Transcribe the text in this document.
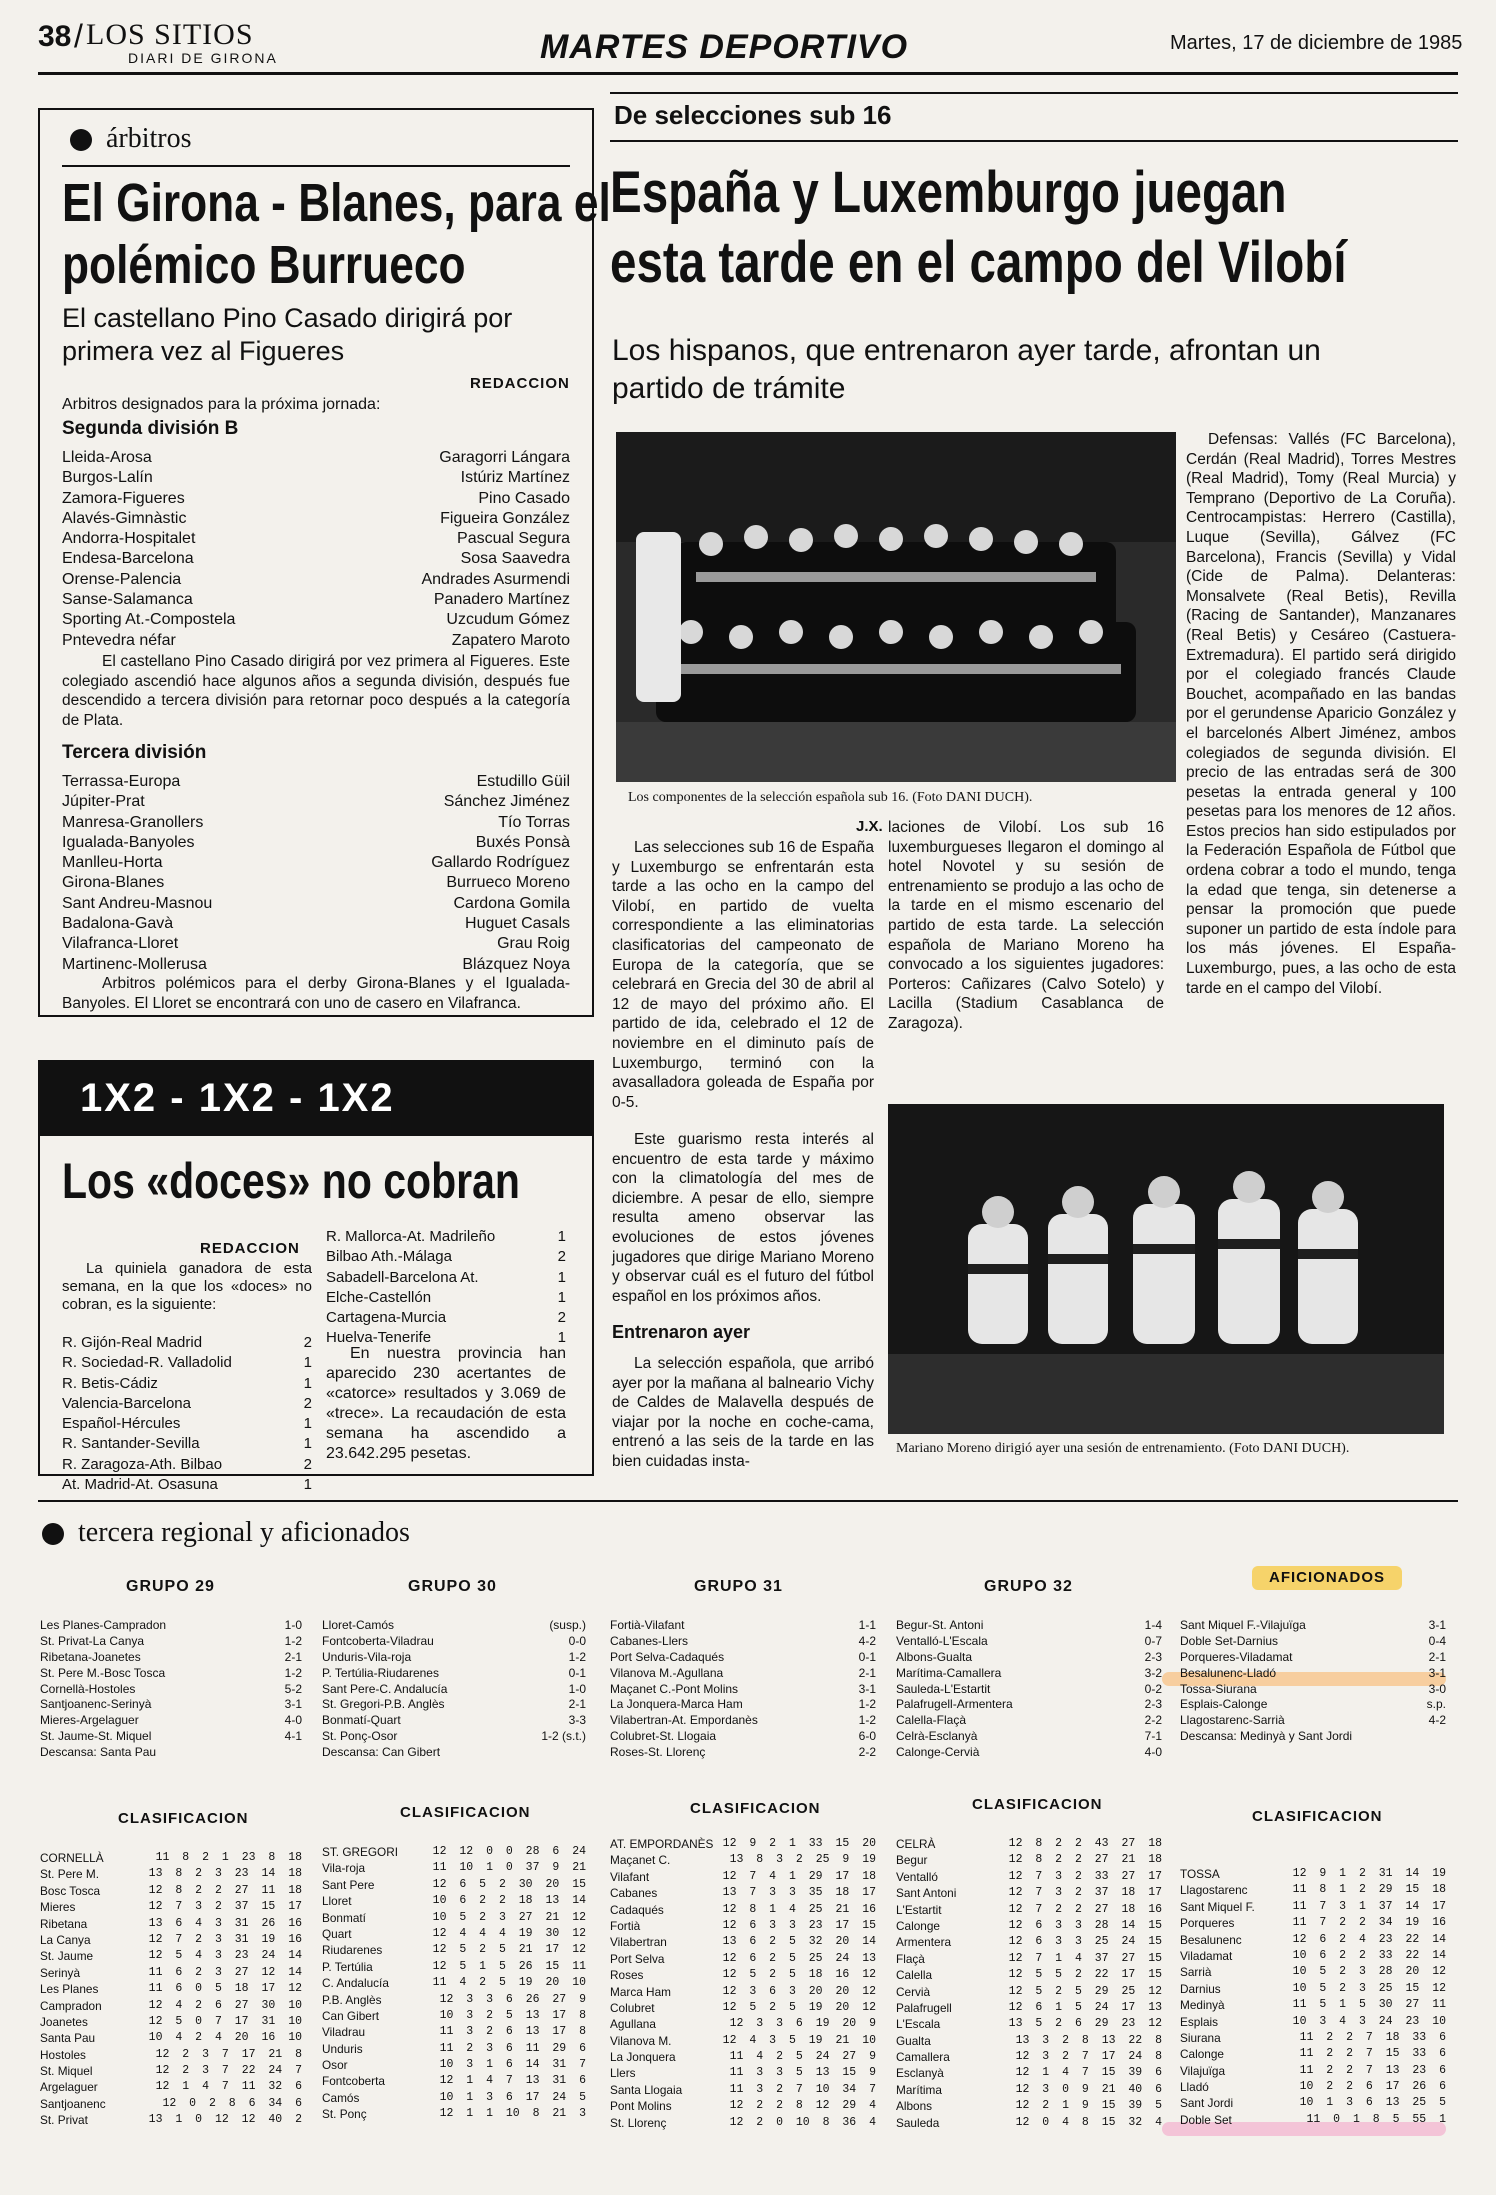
38 / LOS SITIOS
DIARI DE GIRONA	MARTES DEPORTIVO	Martes, 17 de diciembre de 1985
árbitros
El Girona - Blanes, para el
polémico Burrueco
El castellano Pino Casado dirigirá por primera vez al Figueres
REDACCION
Arbitros designados para la próxima jornada:
Segunda división B
Lleida-Arosa	Garagorri Lángara
Burgos-Lalín	Istúriz Martínez
Zamora-Figueres	Pino Casado
Alavés-Gimnàstic	Figueira González
Andorra-Hospitalet	Pascual Segura
Endesa-Barcelona	Sosa Saavedra
Orense-Palencia	Andrades Asurmendi
Sanse-Salamanca	Panadero Martínez
Sporting At.-Compostela	Uzcudum Gómez
Pntevedra néfar	Zapatero Maroto
El castellano Pino Casado dirigirá por vez primera al Figueres. Este colegiado ascendió hace algunos años a segunda división, después fue descendido a tercera división para retornar poco después a la categoría de Plata.
Tercera división
Terrassa-Europa	Estudillo Güil
Júpiter-Prat	Sánchez Jiménez
Manresa-Granollers	Tío Torras
Igualada-Banyoles	Buxés Ponsà
Manlleu-Horta	Gallardo Rodríguez
Girona-Blanes	Burrueco Moreno
Sant Andreu-Masnou	Cardona Gomila
Badalona-Gavà	Huguet Casals
Vilafranca-Lloret	Grau Roig
Martinenc-Mollerusa	Blázquez Noya
Arbitros polémicos para el derby Girona-Blanes y el Igualada-Banyoles. El Lloret se encontrará con uno de casero en Vilafranca.
1X2 - 1X2 - 1X2
Los «doces» no cobran
REDACCION
La quiniela ganadora de esta semana, en la que los «doces» no cobran, es la siguiente:
R. Gijón-Real Madrid	2
R. Sociedad-R. Valladolid	1
R. Betis-Cádiz	1
Valencia-Barcelona	2
Español-Hércules	1
R. Santander-Sevilla	1
R. Zaragoza-Ath. Bilbao	2
At. Madrid-At. Osasuna	1
R. Mallorca-At. Madrileño	1
Bilbao Ath.-Málaga	2
Sabadell-Barcelona At.	1
Elche-Castellón	1
Cartagena-Murcia	2
Huelva-Tenerife	1
En nuestra provincia han aparecido 230 acertantes de «catorce» resultados y 3.069 de «trece». La recaudación de esta semana ha ascendido a 23.642.295 pesetas.
De selecciones sub 16
España y Luxemburgo juegan
esta tarde en el campo del Vilobí
Los hispanos, que entrenaron ayer tarde, afrontan un partido de trámite
Los componentes de la selección española sub 16. (Foto DANI DUCH).
J.X.
Las selecciones sub 16 de España y Luxemburgo se enfrentarán esta tarde a las ocho en la campo del Vilobí, en partido de vuelta correspondiente a las eliminatorias clasificatorias del campeonato de Europa de la categoría, que se celebrará en Grecia del 30 de abril al 12 de mayo del próximo año. El partido de ida, celebrado el 12 de noviembre en el diminuto país de Luxemburgo, terminó con la avasalladora goleada de España por 0-5.
Este guarismo resta interés al encuentro de esta tarde y máximo con la climatología del mes de diciembre. A pesar de ello, siempre resulta ameno observar las evoluciones de estos jóvenes jugadores que dirige Mariano Moreno y observar cuál es el futuro del fútbol español en los próximos años.
Entrenaron ayer
La selección española, que arribó ayer por la mañana al balneario Vichy de Caldes de Malavella después de viajar por la noche en coche-cama, entrenó a las seis de la tarde en las bien cuidadas insta-
laciones de Vilobí. Los sub 16 luxemburgueses llegaron el domingo al hotel Novotel y su sesión de entrenamiento se produjo a las ocho de la tarde en el mismo escenario del partido de esta tarde. La selección española de Mariano Moreno ha convocado a los siguientes jugadores: Porteros: Cañizares (Calvo Sotelo) y Lacilla (Stadium Casablanca de Zaragoza).
Defensas: Vallés (FC Barcelona), Cerdán (Real Madrid), Torres Mestres (Real Madrid), Tomy (Real Murcia) y Temprano (Deportivo de La Coruña). Centrocampistas: Herrero (Castilla), Luque (Sevilla), Gálvez (FC Barcelona), Francis (Sevilla) y Vidal (Cide de Palma). Delanteras: Monsalvete (Real Betis), Revilla (Racing de Santander), Manzanares (Real Betis) y Cesáreo (Castuera-Extremadura). El partido será dirigido por el colegiado francés Claude Bouchet, acompañado en las bandas por el gerundense Aparicio González y el barcelonés Albert Jiménez, ambos colegiados de segunda división. El precio de las entradas será de 300 pesetas la entrada general y 100 pesetas para los menores de 12 años. Estos precios han sido estipulados por la Federación Española de Fútbol que ordena cobrar a todo el mundo, tenga la edad que tenga, sin detenerse a pensar la promoción que puede suponer un partido de esta índole para los más jóvenes. El España-Luxemburgo, pues, a las ocho de esta tarde en el campo del Vilobí.
Mariano Moreno dirigió ayer una sesión de entrenamiento. (Foto DANI DUCH).
tercera regional y aficionados
GRUPO 29	GRUPO 30	GRUPO 31	GRUPO 32
AFICIONADOS
Les Planes-Campradon	1-0
St. Privat-La Canya	1-2
Ribetana-Joanetes	2-1
St. Pere M.-Bosc Tosca	1-2
Cornellà-Hostoles	5-2
Santjoanenc-Serinyà	3-1
Mieres-Argelaguer	4-0
St. Jaume-St. Miquel	4-1
Descansa: Santa Pau
Lloret-Camós	(susp.)
Fontcoberta-Viladrau	0-0
Unduris-Vila-roja	1-2
P. Tertúlia-Riudarenes	0-1
Sant Pere-C. Andalucía	1-0
St. Gregori-P.B. Anglès	2-1
Bonmatí-Quart	3-3
St. Ponç-Osor	1-2 (s.t.)
Descansa: Can Gibert
Fortià-Vilafant	1-1
Cabanes-Llers	4-2
Port Selva-Cadaqués	0-1
Vilanova M.-Agullana	2-1
Maçanet C.-Pont Molins	3-1
La Jonquera-Marca Ham	1-2
Vilabertran-At. Empordanès	1-2
Colubret-St. Llogaia	6-0
Roses-St. Llorenç	2-2
Begur-St. Antoni	1-4
Ventalló-L'Escala	0-7
Albons-Gualta	2-3
Marítima-Camallera	3-2
Sauleda-L'Estartit	0-2
Palafrugell-Armentera	2-3
Calella-Flaçà	2-2
Celrà-Esclanyà	7-1
Calonge-Cervià	4-0
Sant Miquel F.-Vilajuïga	3-1
Doble Set-Darnius	0-4
Porqueres-Viladamat	2-1
Besalunenc-Lladó	3-1
Tossa-Siurana	3-0
Esplais-Calonge	s.p.
Llagostarenc-Sarrià	4-2
Descansa: Medinyà y Sant Jordi
CLASIFICACION	CLASIFICACION	CLASIFICACION	CLASIFICACION
CLASIFICACION
CORNELLÀ	11 8 2 1 23 8 18
St. Pere M.	13 8 2 3 23 14 18
Bosc Tosca	12 8 2 2 27 11 18
Mieres	12 7 3 2 37 15 17
Ribetana	13 6 4 3 31 26 16
La Canya	12 7 2 3 31 19 16
St. Jaume	12 5 4 3 23 24 14
Serinyà	11 6 2 3 27 12 14
Les Planes	11 6 0 5 18 17 12
Campradon	12 4 2 6 27 30 10
Joanetes	12 5 0 7 17 31 10
Santa Pau	10 4 2 4 20 16 10
Hostoles	12 2 3 7 17 21 8
St. Miquel	12 2 3 7 22 24 7
Argelaguer	12 1 4 7 11 32 6
Santjoanenc	12 0 2 8 6 34 6
St. Privat	13 1 0 12 12 40 2
ST. GREGORI	12 12 0 0 28 6 24
Vila-roja	11 10 1 0 37 9 21
Sant Pere	12 6 5 2 30 20 15
Lloret	10 6 2 2 18 13 14
Bonmatí	10 5 2 3 27 21 12
Quart	12 4 4 4 19 30 12
Riudarenes	12 5 2 5 21 17 12
P. Tertúlia	12 5 1 5 26 15 11
C. Andalucía	11 4 2 5 19 20 10
P.B. Anglès	12 3 3 6 26 27 9
Can Gibert	10 3 2 5 13 17 8
Viladrau	11 3 2 6 13 17 8
Unduris	11 2 3 6 11 29 6
Osor	10 3 1 6 14 31 7
Fontcoberta	12 1 4 7 13 31 6
Camós	10 1 3 6 17 24 5
St. Ponç	12 1 1 10 8 21 3
AT. EMPORDANÈS 12 9 2 1 33 15 20
Maçanet C.	13 8 3 2 25 9 19
Vilafant	12 7 4 1 29 17 18
Cabanes	13 7 3 3 35 18 17
Cadaqués	12 8 1 4 25 21 16
Fortià	12 6 3 3 23 17 15
Vilabertran	13 6 2 5 32 20 14
Port Selva	12 6 2 5 25 24 13
Roses	12 5 2 5 18 16 12
Marca Ham	12 3 6 3 20 20 12
Colubret	12 5 2 5 19 20 12
Agullana	12 3 3 6 19 20 9
Vilanova M.	12 4 3 5 19 21 10
La Jonquera	11 4 2 5 24 27 9
Llers	11 3 3 5 13 15 9
Santa Llogaia	11 3 2 7 10 34 7
Pont Molins	12 2 2 8 12 29 4
St. Llorenç	12 2 0 10 8 36 4
CELRÀ	12 8 2 2 43 27 18
Begur	12 8 2 2 27 21 18
Ventalló	12 7 3 2 33 27 17
Sant Antoni	12 7 3 2 37 18 17
L'Estartit	12 7 2 2 27 18 16
Calonge	12 6 3 3 28 14 15
Armentera	12 6 3 3 25 24 15
Flaçà	12 7 1 4 37 27 15
Calella	12 5 5 2 22 17 15
Cervià	12 5 2 5 29 25 12
Palafrugell	12 6 1 5 24 17 13
L'Escala	13 5 2 6 29 23 12
Gualta	13 3 2 8 13 22 8
Camallera	12 3 2 7 17 24 8
Esclanyà	12 1 4 7 15 39 6
Marítima	12 3 0 9 21 40 6
Albons	12 2 1 9 15 39 5
Sauleda	12 0 4 8 15 32 4
TOSSA	12 9 1 2 31 14 19
Llagostarenc	11 8 1 2 29 15 18
Sant Miquel F.	11 7 3 1 37 14 17
Porqueres	11 7 2 2 34 19 16
Besalunenc	12 6 2 4 23 22 14
Viladamat	10 6 2 2 33 22 14
Sarrià	10 5 2 3 28 20 12
Darnius	10 5 2 3 25 15 12
Medinyà	11 5 1 5 30 27 11
Esplais	10 3 4 3 24 23 10
Siurana	11 2 2 7 18 33 6
Calonge	11 2 2 7 15 33 6
Vilajuïga	11 2 2 7 13 23 6
Lladó	10 2 2 6 17 26 6
Sant Jordi	10 1 3 6 13 25 5
Doble Set	11 0 1 8 5 55 1
